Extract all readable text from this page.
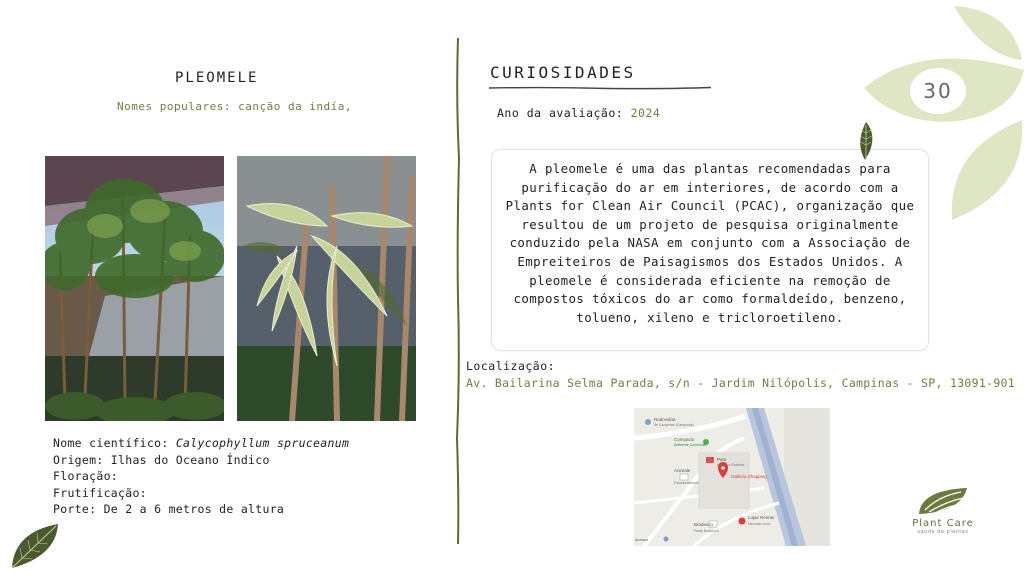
PLEOMELE
Nomes populares: canção da indía,
Nome científico: Calycophyllum spruceanum
Origem: Ilhas do Oceano Índico
Floração:
Frutificação:
Porte: De 2 a 6 metros de altura
CURIOSIDADES
Ano da avaliação: 2024

A pleomele é uma das plantas recomendadas para purificação do ar em interiores, de acordo com a Plants for Clean Air Council (PCAC), organização que resultou de um projeto de pesquisa originalmente conduzido pela NASA em conjunto com a Associação de Empreiteiros de Paisagismos dos Estados Unidos. A pleomele é considerada eficiente na remoção de compostos tóxicos do ar como formaldeído, benzeno, tolueno, xileno e tricloroetileno.

Localização:
Av. Bailarina Selma Parada, s/n - Jardim Nilópolis, Campinas - SP, 13091-901
Rodoviária
de Campinas (Campinas)
Compacto
Ambiente Comercial
Pam
Igrejas e Roteiros
Animale
Estacionamento
Galleria Shopping
Lojas Renner
Mercado Livre
Bradesco
Posto Bradesco
Acesso
30
Plant Care
saúde de plantas
